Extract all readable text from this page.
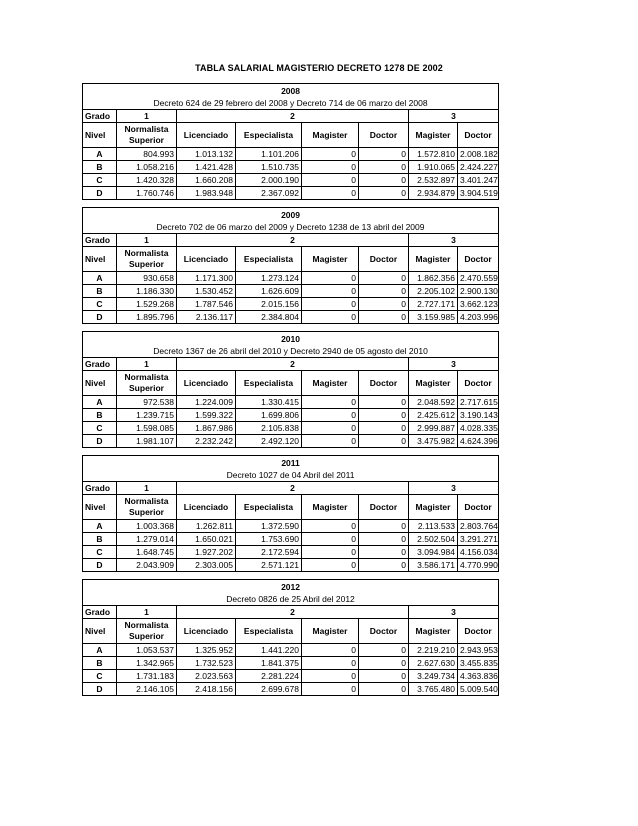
TABLA SALARIAL MAGISTERIO DECRETO 1278 DE 2002
2008							
Decreto 624 de 29 febrero del 2008 y Decreto 714 de 06 marzo del 2008							
Grado	1	2				3	
Nivel	Normalista Superior	Licenciado	Especialista	Magister	Doctor	Magister	Doctor
A	804.993	1.013.132	1.101.206	0	0	1.572.810	2.008.182
B	1.058.216	1.421.428	1.510.735	0	0	1.910.065	2.424.227
C	1.420.328	1.660.208	2.000.190	0	0	2.532.897	3.401.247
D	1.760.746	1.983.948	2.367.092	0	0	2.934.879	3.904.519
2009							
Decreto 702 de 06 marzo del 2009 y Decreto 1238 de 13 abril del 2009							
Grado	1	2				3	
Nivel	Normalista Superior	Licenciado	Especialista	Magister	Doctor	Magister	Doctor
A	930.658	1.171.300	1.273.124	0	0	1.862.356	2.470.559
B	1.186.330	1.530.452	1.626.609	0	0	2.205.102	2.900.130
C	1.529.268	1.787.546	2.015.156	0	0	2.727.171	3.662.123
D	1.895.796	2.136.117	2.384.804	0	0	3.159.985	4.203.996
2010							
Decreto 1367 de 26 abril del 2010 y Decreto 2940 de 05 agosto del 2010							
Grado	1	2				3	
Nivel	Normalista Superior	Licenciado	Especialista	Magister	Doctor	Magister	Doctor
A	972.538	1.224.009	1.330.415	0	0	2.048.592	2.717.615
B	1.239.715	1.599.322	1.699.806	0	0	2.425.612	3.190.143
C	1.598.085	1.867.986	2.105.838	0	0	2.999.887	4.028.335
D	1.981.107	2.232.242	2.492.120	0	0	3.475.982	4.624.396
2011							
Decreto 1027 de 04 Abril del 2011							
Grado	1	2				3	
Nivel	Normalista Superior	Licenciado	Especialista	Magister	Doctor	Magister	Doctor
A	1.003.368	1.262.811	1.372.590	0	0	2.113.533	2.803.764
B	1.279.014	1.650.021	1.753.690	0	0	2.502.504	3.291.271
C	1.648.745	1.927.202	2.172.594	0	0	3.094.984	4.156.034
D	2.043.909	2.303.005	2.571.121	0	0	3.586.171	4.770.990
2012							
Decreto 0826 de 25 Abril del 2012							
Grado	1	2				3	
Nivel	Normalista Superior	Licenciado	Especialista	Magister	Doctor	Magister	Doctor
A	1.053.537	1.325.952	1.441.220	0	0	2.219.210	2.943.953
B	1.342.965	1.732.523	1.841.375	0	0	2.627.630	3.455.835
C	1.731.183	2.023.563	2.281.224	0	0	3.249.734	4.363.836
D	2.146.105	2.418.156	2.699.678	0	0	3.765.480	5.009.540
